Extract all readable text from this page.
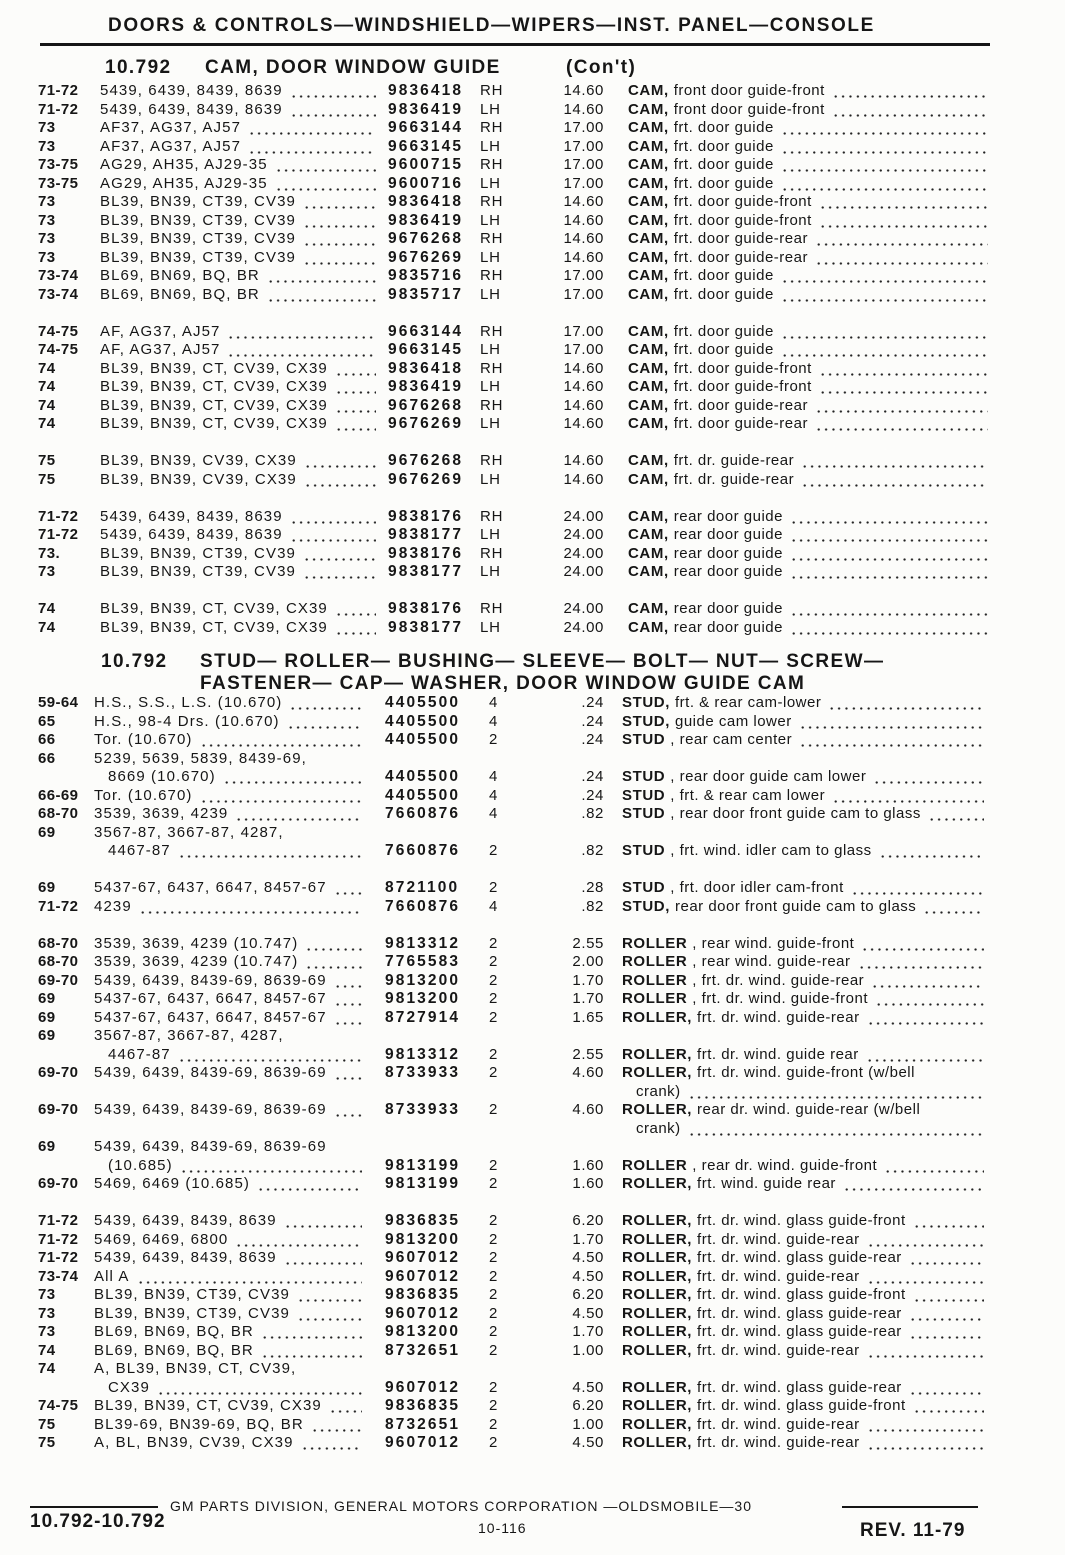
DOORS & CONTROLS—WINDSHIELD—WIPERS—INST. PANEL—CONSOLE
10.792 CAM, DOOR WINDOW GUIDE	(Con't)
71-72 5439, 6439, 8439, 8639	9836418 RH	14.60 CAM, front door guide-front
71-72 5439, 6439, 8439, 8639	9836419 LH	14.60 CAM, front door guide-front
73	AF37, AG37, AJ57	9663144 RH	17.00 CAM, frt. door guide
73	AF37, AG37, AJ57	9663145 LH	17.00 CAM, frt. door guide
73-75 AG29, AH35, AJ29-35	9600715 RH	17.00 CAM, frt. door guide
73-75 AG29, AH35, AJ29-35	9600716 LH	17.00 CAM, frt. door guide
73	BL39, BN39, CT39, CV39	9836418 RH	14.60 CAM, frt. door guide-front
73	BL39, BN39, CT39, CV39	9836419 LH	14.60 CAM, frt. door guide-front
73	BL39, BN39, CT39, CV39	9676268 RH	14.60 CAM, frt. door guide-rear
73	BL39, BN39, CT39, CV39	9676269 LH	14.60 CAM, frt. door guide-rear
73-74 BL69, BN69, BQ, BR	9835716 RH	17.00 CAM, frt. door guide
73-74 BL69, BN69, BQ, BR	9835717 LH	17.00 CAM, frt. door guide
74-75 AF, AG37, AJ57	9663144 RH	17.00 CAM, frt. door guide
74-75 AF, AG37, AJ57	9663145 LH	17.00 CAM, frt. door guide
74	BL39, BN39, CT, CV39, CX39	9836418 RH	14.60 CAM, frt. door guide-front
74	BL39, BN39, CT, CV39, CX39	9836419 LH	14.60 CAM, frt. door guide-front
74	BL39, BN39, CT, CV39, CX39	9676268 RH	14.60 CAM, frt. door guide-rear
74	BL39, BN39, CT, CV39, CX39	9676269 LH	14.60 CAM, frt. door guide-rear
75	BL39, BN39, CV39, CX39	9676268 RH	14.60 CAM, frt. dr. guide-rear
75	BL39, BN39, CV39, CX39	9676269 LH	14.60 CAM, frt. dr. guide-rear
71-72 5439, 6439, 8439, 8639	9838176 RH	24.00 CAM, rear door guide
71-72 5439, 6439, 8439, 8639	9838177 LH	24.00 CAM, rear door guide
73.	BL39, BN39, CT39, CV39	9838176 RH	24.00 CAM, rear door guide
73	BL39, BN39, CT39, CV39	9838177 LH	24.00 CAM, rear door guide
74	BL39, BN39, CT, CV39, CX39	9838176 RH	24.00 CAM, rear door guide
74	BL39, BN39, CT, CV39, CX39	9838177 LH	24.00 CAM, rear door guide
10.792 STUD— ROLLER— BUSHING— SLEEVE— BOLT— NUT— SCREW—
FASTENER— CAP— WASHER, DOOR WINDOW GUIDE CAM
59-64 H.S., S.S., L.S. (10.670)	4405500 4	.24 STUD, frt. & rear cam-lower
65	H.S., 98-4 Drs. (10.670)	4405500 4	.24 STUD, guide cam lower
66	Tor. (10.670)	4405500 2	.24 STUD , rear cam center
66	5239, 5639, 5839, 8439-69,
8669 (10.670)	4405500 4	.24 STUD , rear door guide cam lower
66-69 Tor. (10.670)	4405500 4	.24 STUD , frt. & rear cam lower
68-70 3539, 3639, 4239	7660876 4	.82 STUD , rear door front guide cam to glass
69	3567-87, 3667-87, 4287,
4467-87	7660876 2	.82 STUD , frt. wind. idler cam to glass
69	5437-67, 6437, 6647, 8457-67	8721100 2	.28 STUD , frt. door idler cam-front
71-72 4239	7660876 4	.82 STUD, rear door front guide cam to glass
68-70 3539, 3639, 4239 (10.747)	9813312 2	2.55 ROLLER , rear wind. guide-front
68-70 3539, 3639, 4239 (10.747)	7765583 2	2.00 ROLLER , rear wind. guide-rear
69-70 5439, 6439, 8439-69, 8639-69	9813200 2	1.70 ROLLER , frt. dr. wind. guide-rear
69	5437-67, 6437, 6647, 8457-67	9813200 2	1.70 ROLLER , frt. dr. wind. guide-front
69	5437-67, 6437, 6647, 8457-67	8727914 2	1.65 ROLLER, frt. dr. wind. guide-rear
69	3567-87, 3667-87, 4287,
4467-87	9813312 2	2.55 ROLLER, frt. dr. wind. guide rear
69-70 5439, 6439, 8439-69, 8639-69	8733933 2	4.60 ROLLER, frt. dr. wind. guide-front (w/bell
crank)
69-70 5439, 6439, 8439-69, 8639-69	8733933 2	4.60 ROLLER, rear dr. wind. guide-rear (w/bell
crank)
69	5439, 6439, 8439-69, 8639-69
(10.685)	9813199 2	1.60 ROLLER , rear dr. wind. guide-front
69-70 5469, 6469 (10.685)	9813199 2	1.60 ROLLER, frt. wind. guide rear
71-72 5439, 6439, 8439, 8639	9836835 2	6.20 ROLLER, frt. dr. wind. glass guide-front
71-72 5469, 6469, 6800	9813200 2	1.70 ROLLER, frt. dr. wind. guide-rear
71-72 5439, 6439, 8439, 8639	9607012 2	4.50 ROLLER, frt. dr. wind. glass guide-rear
73-74 All A	9607012 2	4.50 ROLLER, frt. dr. wind. guide-rear
73	BL39, BN39, CT39, CV39	9836835 2	6.20 ROLLER, frt. dr. wind. glass guide-front
73	BL39, BN39, CT39, CV39	9607012 2	4.50 ROLLER, frt. dr. wind. glass guide-rear
73	BL69, BN69, BQ, BR	9813200 2	1.70 ROLLER, frt. dr. wind. glass guide-rear
74	BL69, BN69, BQ, BR	8732651 2	1.00 ROLLER, frt. dr. wind. guide-rear
74	A, BL39, BN39, CT, CV39,
CX39	9607012 2	4.50 ROLLER, frt. dr. wind. glass guide-rear
74-75 BL39, BN39, CT, CV39, CX39	9836835 2	6.20 ROLLER, frt. dr. wind. glass guide-front
75	BL39-69, BN39-69, BQ, BR	8732651 2	1.00 ROLLER, frt. dr. wind. guide-rear
75	A, BL, BN39, CV39, CX39	9607012 2	4.50 ROLLER, frt. dr. wind. guide-rear
GM PARTS DIVISION, GENERAL MOTORS CORPORATION —OLDSMOBILE—30
10.792-10.792	10-116	REV. 11-79
